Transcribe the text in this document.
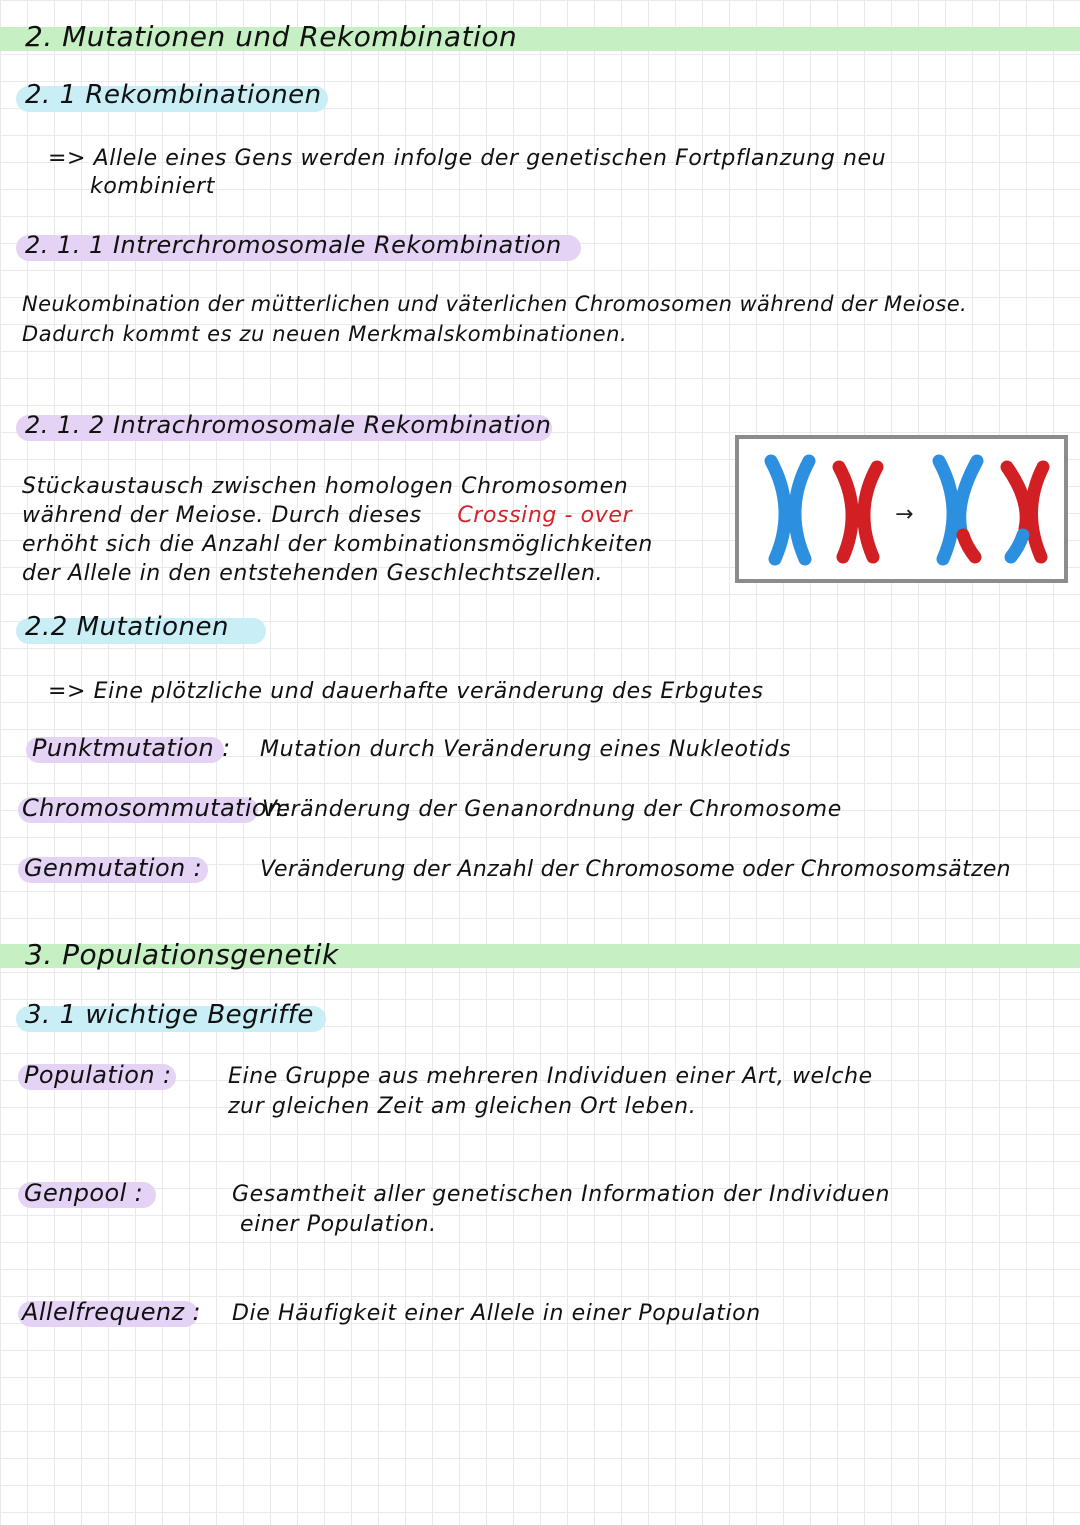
2. Mutationen und Rekombination
2. 1 Rekombinationen
=> Allele eines Gens werden infolge der genetischen Fortpflanzung neu
kombiniert
2. 1. 1 Intrerchromosomale Rekombination
Neukombination der mütterlichen und väterlichen Chromosomen während der Meiose.
Dadurch kommt es zu neuen Merkmalskombinationen.
2. 1. 2 Intrachromosomale Rekombination
Stückaustausch zwischen homologen Chromosomen
während der Meiose. Durch dieses Crossing - over
erhöht sich die Anzahl der kombinationsmöglichkeiten
der Allele in den entstehenden Geschlechtszellen.
→
2.2 Mutationen
=> Eine plötzliche und dauerhafte veränderung des Erbgutes
Punktmutation : Mutation durch Veränderung eines Nukleotids
Chromosommutation:
Veränderung der Genanordnung der Chromosome
Genmutation :	Veränderung der Anzahl der Chromosome oder Chromosomsätzen
3. Populationsgenetik
3. 1 wichtige Begriffe
Population :	Eine Gruppe aus mehreren Individuen einer Art, welche
zur gleichen Zeit am gleichen Ort leben.
Genpool :	Gesamtheit aller genetischen Information der Individuen
einer Population.
Allelfrequenz : Die Häufigkeit einer Allele in einer Population
